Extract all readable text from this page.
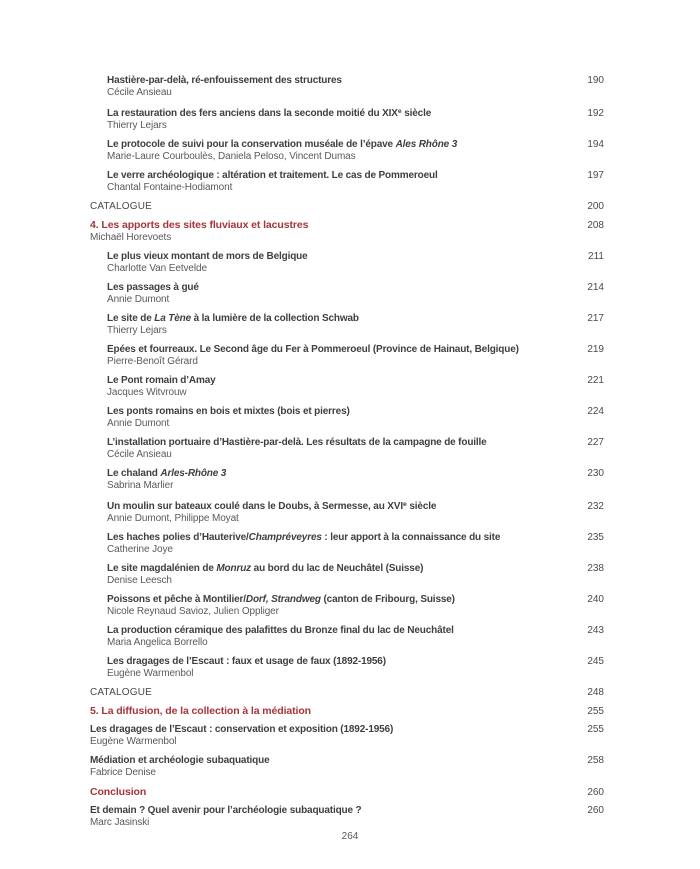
Hastière-par-delà, ré-enfouissement des structures	190
Cécile Ansieau
La restauration des fers anciens dans la seconde moitié du XIXe siècle	192
Thierry Lejars
Le protocole de suivi pour la conservation muséale de l’épave Ales Rhône 3	194
Marie-Laure Courboulès, Daniela Peloso, Vincent Dumas
Le verre archéologique : altération et traitement. Le cas de Pommeroeul	197
Chantal Fontaine-Hodiamont
CATALOGUE	200
4. Les apports des sites fluviaux et lacustres	208
Michaël Horevoets
Le plus vieux montant de mors de Belgique	211
Charlotte Van Eetvelde
Les passages à gué	214
Annie Dumont
Le site de La Tène à la lumière de la collection Schwab	217
Thierry Lejars
Épées et fourreaux. Le Second âge du Fer à Pommeroeul (Province de Hainaut, Belgique)	219
Pierre-Benoît Gérard
Le Pont romain d’Amay	221
Jacques Witvrouw
Les ponts romains en bois et mixtes (bois et pierres)	224
Annie Dumont
L’installation portuaire d’Hastière-par-delà. Les résultats de la campagne de fouille	227
Cécile Ansieau
Le chaland Arles-Rhône 3	230
Sabrina Marlier
Un moulin sur bateaux coulé dans le Doubs, à Sermesse, au XVIe siècle	232
Annie Dumont, Philippe Moyat
Les haches polies d’Hauterive/Champréveyres : leur apport à la connaissance du site	235
Catherine Joye
Le site magdalénien de Monruz au bord du lac de Neuchâtel (Suisse)	238
Denise Leesch
Poissons et pêche à Montilier/Dorf, Strandweg (canton de Fribourg, Suisse)	240
Nicole Reynaud Savioz, Julien Oppliger
La production céramique des palafittes du Bronze final du lac de Neuchâtel	243
Maria Angelica Borrello
Les dragages de l’Escaut : faux et usage de faux (1892-1956)	245
Eugène Warmenbol
CATALOGUE	248
5. La diffusion, de la collection à la médiation	255
Les dragages de l’Escaut : conservation et exposition (1892-1956)	255
Eugène Warmenbol
Médiation et archéologie subaquatique	258
Fabrice Denise
Conclusion	260
Et demain ? Quel avenir pour l’archéologie subaquatique ?	260
Marc Jasinski
264
